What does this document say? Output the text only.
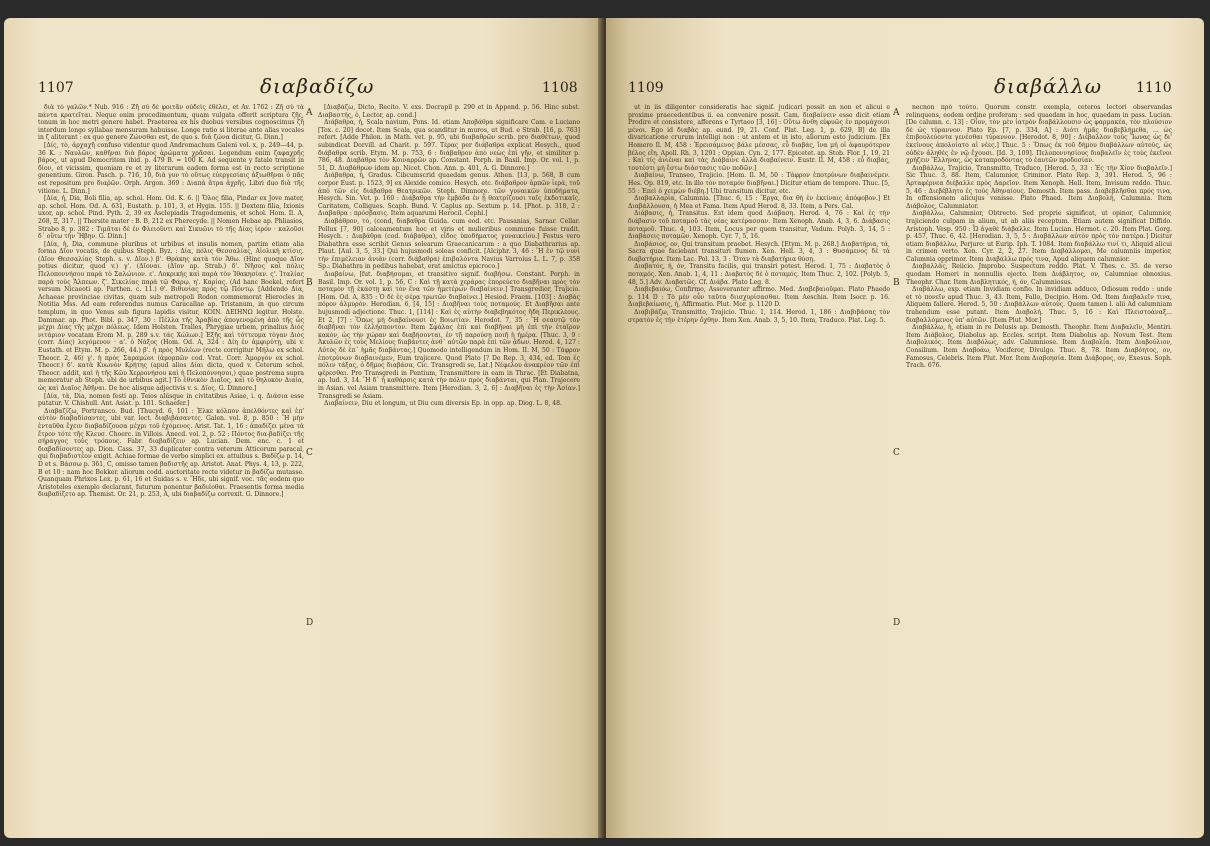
1107	διαβαδίζω	1108

διὰ τὸ γαλῶν.* Nub. 916 : Ζῆ σὺ δὲ φοιτᾶν οὐδεὶς ἐθέλει, et Av. 1762 : Ζῆ σὺ τὰ πάντα κρατεῖται. Neque enim procedimentum, quam vulgata offerit scriptura ζῆς, tonum in hoc metri genere habet. Praeterea ex his duobus versibus cognoscimus ζῆ interdum longo syllabae mensuram habuisse. Longe ratio si literae ante alias vocales in ζ aliterant : ex quo genere Ζώνσθαι est, de quo s. διὰ ζώνα dicitur, G. Dinn.]

[Δίς, τὸ, ἀρχαχῆ confuso videntur quod Andromachum Galeni vol. x, p. 249—44, p. 36 K. : Ναυλῶν, καθῆναι διὰ βάρος ἀρώματα χρᾶσαι. Legendum enim ζαφαχρῆς βάρος, ut apud Democritem ibid. p. 479 B. = 100 K. Ad sequente y fatale transit in δίον, et vicissim, quoniam re et zy literarum eadem forma est in recto scriptione genentium. Giron. Pasch. p. 716, 10, διὰ γυν τὸ οὕτως εὐεργεσίαις ἀξιωθῆναι ὁ πᾶς est repositum pro διαρ̀ῶν. Orph. Argon. 369 : Διαπὰ ἄτρα ἀχρῆς. Libri duo διὰ τῆς vitione. L. Dinn.]

[Δία, ἡ, Dia, Boli filia, ap. schol. Hom. Od. K. 6. || Ὄλος filia, Pindar ex Jove mater, ap. schol. Hom. Od. A. 631, Eustath. p. 101, 3, et Hygin. 155. || Dextem filia, Ixionis uxor, ap. schol. Pind. Pyth. 2, 39 ex Asclepiadis Tragodumenis, et schol. Hom. Il. A, 268, Ξ, 317. || Thersite mater : B. B, 212 ex Pherecyde. || Nomen Hebae ap. Phliasios, Strabo 8, p. 382 : Τιμᾶται δὲ ἐν Φλειοῦντι καὶ Σικυῶνι τὸ τῆς Δίας ἱερόν · καλοῦσι δ᾽ οὕτω τὴν Ἥβην. G. Dinn.]

[Δία, ἡ, Dia, commune pluribus et urbibus et insulis nomen, partim etiam alia forma Δῖον vocatis, de quibus Steph. Byz. : Δία, πόλις Θεσσαλίας, Αἰολικὴ κτίσις. (Δῖον Θεσσαλίας Steph. s. v. Δῖον.) β'. Θράκης κατὰ τὸν Ἄθω. (Hinc quoque Δῖον potius dicitur, quod v.) γ'. (Δῖοναι. (Δῖον ap. Strab.) δ'. Νῆσος καὶ πόλις Πελοποννήσου παρὰ τὸ Σαλώνιον. ε'. Λοκρικὴς καὶ παρὰ τὸν Ἰθακησίαν. ς'. Ἰταλίας παρὰ τοὺς Ἄλπεων. ζ'. Σικελίας παρὰ τῷ Φάρῳ. η'. Καρίας. (Ad hanc Boekel. refert versum Nicaeoti ap. Parthen. c. 11.) θ'. Βιθυνίας πρὸς τῷ Πόντῳ. [Addendo Δία, Achaeae provinciae civitas, quam sub metropoli Rodon commemorat Hierocles in Notitia Mss. Ad eam referendus numus Caracallae ap. Tristanum, in quo circum templum, in quo Venus sub figura lapidis visitur, KOIN. ΔΕΙΗΝΩ legitur. Holste. Dammar. ap. Phot. Bibl. p. 347, 30 : Πέλλα τῆς Ἀραβίας ἀπογενομένη ἀπὸ τῆς ὧς μέχρι Δίας τῆς μέχρι πόλεως. Idem Holsten. Tralles, Phrygiae urbem, prinalius Διός νιτάριον vocatam Erom M. p. 289 s.v. τάς Χώλων.] Ἐξῆς καὶ τόττευμα τὸγαν Διὸς (corr. Δίας) λεγόμενον · α'. ὁ Νάξος (Hom. Od. A, 324 : Δίη ἐν ἀμφιρύτῃ, ubi v. Eustath. et Etym. M. p. 266, 44.) β'. ἡ πρὸς Μυλέων (recte corrigitur Μήλω ex schol. Theocr. 2, 46) γ'. ἡ πρὸς Σαραμώνι (ἀμορπῶν cod. Vrat. Corr. Ἀμοργὸν ex schol. Theocr.) δ'. κατὰ Κυωνὸν Κρήτης (apud alios Δίαι dicta, quod v. Ceterum schol. Theocr. addit, καὶ ἡ τῆς Κῶυ Χερρονήσου καὶ ἡ Πελοπόννησοι,) quae postrema supra memoratur ab Steph. ubi de urbibus agit.] Τὸ ἐθνικὸν Διαῖος, καὶ τὸ θηλυκὸν Διαία, ὡς καὶ Διαῖος Ἀθῆναι. De hoc alisque adjectivis v. s. Δῖος. G. Dinnore.]

[Δία, τὰ, Dia, nomen festi ap. Teios aliisque in civitatibus Asiae, i. q. Διάσια esse putatur. V. Chishull. Ant. Asiat. p. 101. Schaefer.]

Διαβαζίζω, Portransco. Bud. [Thucyd. 6, 101 : Ἐλκε κόλπον ἀπελθόντες καὶ ἐπ' αὐτὸν διαβαδίσαντες, ubi var. lect. διαβιβάσαντες. Galen. vol. 8, p. 850 : Ἢ μὴν ἐνταῦθα ἔχειν διαβαδίζουσα μέχρι τοῦ ἐχόμενος. Arist. Tat. 1, 16 : ἀπαδίζει μένα τὰ ἔτρον τότε τῆς Κλευσ. Choerc. in Villois. Anecd. vol. 2, p. 52 : Πόντος δια-βαδίζει τῆς σήραγγος τοὺς τρόπους. Fabr. διαβαδίζειν ap. Lucian. Dem. enc. c. 1 et διαβαδίσοντες ap. Dion. Cass. 37, 33 duplicater contra veterum Atticorum paracal, qui διαβαδιστέον exigit. Achiae formae de verbo simplici ex. attuibus s. Βαδίζω p. 14, D et s. Βάσσω p. 361, C, omisso tamen βαδιστῆς ap. Aristot. Anat. Phys. 4, 13, p. 222, B et 10 : nam hoc Bekker. aliorum codd. auctoritate recte videtur in βαδίζω mutasse. Quanquam Phrixos Lex. p. 61, 16 et Suidas s. v. Ἥδε, ubi signif. voc. τᾶς eodem quo Aristoteles exemplo declarant, futurum ponentur βαδιέοθαι. Praesentis forma media διαβαδίζετο ap. Themist. Or. 21, p. 253, A, ubi διαβαδίζω correxit. G. Dinnore.]

[Διαβάζω, Dicto, Recito. V. exs. Docrapil p. 290 et in Append. p. 56. Hinc subst. Διαβαστής, ὁ, Lector, ap. cond.]

Διάβαθρα, ἡ, Scala navium, Pons. Id. etiam Ἀποβάθρα significare Cam. e Luciano [Tox. c. 20] docet. Item Scala, qua scanditur in muros, ut Bud. e Strab. [16, p. 763] refert. [Adde Philon. in Math. vet. p. 95, ubi διαβαθρῶν scrib. pro διαθέτων, quod subindicat Dorvill. ad Charit. p. 597. Τέρας per διάβαθρα explicat Hesych., quod διάβαθρα scrib. Etym. M. p. 753, 6 : διάβαθρον ἀπὸ νεὼς ἐπὶ γῆν, et similiter p. 786, 48. Διαβάθρα τὸν Κοιναρρῶν ap. Constant. Porph. in Basil. Imp. Or. vol. 1, p. 51, D. Διαβάθρων idem ap. Nicet. Chon. Ann. p. 401, A. G. Dinnore.]

Διάβαθρα, ἡ, Gradus. Cibcumscrid quaedam genus. Athen. [13, p. 568, B cum corpor Eust. p. 1523, 9] ex Alexide comico. Hesych. etc. διάβαθρον ἀρπῶν ἱερὰ, τοῦ ἀπὸ τῶν εἰς διάβαθρα Θεατρικῶν. Steph. Dimnore. τῶν γυναικῶν ὑποδήματα, Hesych. Sin. Vet. p. 160 : Διάβαθρα τὴν ἐμβάδα ἐν ᾗ θεατρίζουσι ταῖς ἐκδοτικαῖς. Caritatem, Colligues. Scaph. Bund. V. Caplus ap. Sextum p. 14. [Phot. p. 318, 2 : Διαβαθρα : πρόσβασις. Item aquarumi Herocil. Cephl.]

Διαβάθρον, τὸ, (cond, διαβαθρα Guida. cum eod. etc. Pausanias, Sarnar. Cellar. Pollux [7, 90] calceamentum hoc et viris et mulieribus commune fuisse tradit. Hesych. : Διαβάθρα (cod. διάβαθρα), εἶδος ὑποδήματος γυναικείου.] Festus vero Diabathra esse scribit Genus solearum Graecanicarum : a quo Diabathrarius ap. Plaut. [Aul. 3, 5, 33.] Qui hujusmodi soleas conficit. [Alciphr. 3, 46 : Ἢ ἐν τῷ νυνὶ τὴν ἐπιμέλειαν ἀνιὰν (corr. διάβαθρα) ἐπιβαλόντα Navius Varroius L. L. 7, p. 358 Sp.: Diabathra in pedibus habebat, erat amictus epicroco.]

Διαβαίνω, [fut. διαβήσομαι, et transitivo signif. διαβήσω. Constant. Porph. in Basil. Imp. Or. vol. 1, p. 56, C : Καὶ τῇ κατὰ χεράρας ἐπορεύετο διαβῆναι πρὸς τὸν ποταμὸν τῇ ἑκάστῃ καὶ τὸν ἕνα τῶν ἡμετέρων διαβαίνειν.] Transgredior, Trajicio. [Hom. Od. A, 835 : Ὁ δὲ ἐς σέρᾳ τρωτῶν διαβαίνει.] Hesiod. Fraem. [103] : Διαβὰς πόρον ἁλμυρὸν. Herodian. 6, [4, 15] : Διαβῆναι τοὺς ποταμούς. Et Διαβῆσαι ante hujusmodi adjectione. Thuc. 1, [114] : Καὶ ἐς αὐτὴν διαβεβηκότος ἤδη Περικλέους. Et 2, [7] : Ὅπως μὴ διαβαίνουσι ἐς Βοιωτίαν. Herodot. 7, 35 : Ἢ σεαυτῷ τὸν διαβῆναι τὸν ἐλλήσποντον. Item Σφάλας ἐπὶ καὶ διαβῆναι μὴ ἐπὶ τὴν ἑταῖρον κακὸν, ὡς τὴν χώραν καὶ διαβήσονται, ἐν τῇ παρούσῃ ποιῆ ἡ ἡμέρα. [Thuc. 3, 9 : Ἀκυλῶν ἐς τοὺς Μελίους διαβάντες ἀνθ᾽ αὐτῶν παρὰ ἐπὶ τῶν ᾄδων. Herod. 4, 127 : Αὐτὸς δὲ ἐπ᾽ ἡμᾶς διαβάντας.] Quomodo intelligendum in Hom. II. M, 50 : Τάφρον ἐποτρύνων διαβαινέμεν, Eum trajicere. Quod Plato [? De Rep. 3, 434, ed. Tom ἐς πόλιν τάξας, ὁ δῆμος διαβάσα, Cic. Transgredi se, Lat.] Νέφελου ἀνακρέον τῶν ἐπὶ φέρεσθαι. Pro Transgredi in Pentium, Transmittere in eam in Thrac. [Et Diabatna, ap. lud. 3, 14. Ἢ δ᾽ ἡ καθάρσις κατὰ τὴν πόλιν πρὸς διαβάνται, qui Plan. Trajecere in Asian. vel Asiam transmittere. Item [Herodian. 3, 2, 6] : Διαβῆναι ἐς τὴν Ἀσίαν.] Transgredi se Asiam.

Διαβαίνειν, Diu et longum, ut Diu cum diversis Ep. in opp. ap. Diog. L. 8, 48.

A
B
C
D
1109	διαβάλλω 1110

ut in iis diligenter consideratis hac signif. judicari possit an non et alicui e proxime praecedentibus ii. ea convenire possit. Cam. διαβαίνειν esse dicit etiam Prodire et consistere, afferens e Tyrtaeo [3, 16] : Οὕτω ἄνθη εὐφυῶς ἐν προμάχοισι μένοι. Ego id διαβὰς ap. eund. [9, 21. Conf. Plat. Leg. 1, p. 629, B] de illa divaricatione crurum intelligi non : ut antem et in isto, aliorum esto judicium. [Ex Homero Il. M, 458 : Ἐρεισάμενος βάλε μέσσας, εὖ διαβάς, ἵνα μή οἱ ἀφαυρότερον βέλος εἴη. Apoll. Rh. 3, 1291 ; Oppian. Cyn. 2, 177. Epicetet. ap. Stob. Flor. 1, 19, 21 : Καὶ τίς ἀνιέναι καὶ τὰς Διάβαινε ἀλλὰ διαβαίνειν. Eustr. Il. M, 458 : εὖ διαβάς, τουτέστι μὴ ἔστω διάστασις τῶν ποδῶν.]

Διαβαίνω, Transeo, Trajicio. [Hom. Il. M, 50 : Τάφρον ἐποτρύνων διαβαινέμεν. Hes. Op. 819, etc. In illo τὸν ποταμόν διαβῆναι.] Dicitur etiam de tempore. Thuc. [5, 55 : Ἐπεὶ ὁ χειμὼν διέβη.] Ubi transitum dicitur, etc.

Διαβαλλαρία, Calumnia. [Thuc. 6, 15 : Ἔργα, δια θὴ ἐν ἐκείναις ἀπόφοβον.] Et Διαβάλλουσα, ἡ Mea et Fama. Item Apud Herod. 8, 33. Item, a Pers. Cal.

Διάβασις, ἡ, Transitus. Est idem quod Διάβαση. Herod. 4, 76 : Καὶ ἐς τὴν διάβασιν τοῦ ποταμοῦ τὰς νέας κατέρασσαν. Item Xenoph. Anab. 4, 3, 6. Διάβασις ποταμοῦ. Thuc. 4, 103. Item, Locus per quem transitur, Vadum. Polyb. 3, 14, 5 : Διαβάσεις ποταμῶν. Xenoph. Cyr. 7, 5, 16.

Διαβάσιος, ον, Qui transitum praebet. Hesych. [Etym. M. p. 268.] Διαβατήρια, τά, Sacra quae faciebant transituri flumen. Xen. Hell. 3, 4, 3 : Θυσάμενος δὲ τὰ διαβατήρια. Item Lac. Pol. 13, 3 : Ὅταν τὰ διαβατήρια θύσῃ.

Διαβατός, ή, όν, Transitu facilis, qui transiri potest. Herod. 1, 75 : Διαβατὸς ὁ ποταμός. Xen. Anab. 1, 4, 11 : Διαβατὸς δὲ ὁ ποταμός. Item Thuc. 2, 102. [Polyb. 5, 48, 5.] Adv. Διαβατῶς. Cf. Διάβα. Plato Leg. 8.

Διαβεβαιόω, Confirmo, Asseveranter affirmo. Med. Διαβεβαιοῦμαι. Plato Phaedo p. 114 D : Τὸ μὲν οὖν ταῦτα διισχυρίσασθαι. Item Aeschin. Item Isocr. p. 16. Διαβεβαίωσις, ἡ, Affirmatio. Plut. Mor. p. 1120 D.

Διαβιβάζω, Transmitto, Trajicio. Thuc. 1, 114. Herod. 1, 186 : Διαβιβάσας τὸν στρατὸν ἐς τὴν ἑτέρην ὄχθην. Item Xen. Anab. 3, 5, 10. Item, Traduco. Plat. Leg. 5.

necnon πρὸ τούτο. Quorum constr. exempla, ceteros lectori observandas relinquens, eodem ordine proferam : sed quaedam in hoc, quaedam in pass. Lucian. [De calumn. c. 13] : Οἷον, τὸν μὲν ἰατρὸν διαβάλλουσιν ὡς φαρμακέα, τὸν πλούσιον δὲ ὡς τύραννον. Plato Ep. [7, p. 334, A] : Διότι ἡμᾶς διαβεβλήμεθα, ... ὡς ἐπιβουλεύοντα γενέσθαι τύραννον. [Herodot. 8, 90] : Διέβαλλον τοὺς Ἴωνας ὡς δι' ἐκείνους ἀπολοίατο αἱ νέες.] Thuc. 5 : Ὅπως ἐκ τοῦ δήμου διαβάλλων αὐτοὺς, ὡς οὐδὲν ἀληθὲς ἐν νῷ ἔχουσι. [Id. 3, 109]. Πελοποννησίους διαβαλεῖν ἐς τοὺς ἐκεῖνοι χρήζειν Ἕλληνας, ὡς καταπροδόντας τὸ ἑαυτῶν προδοσίαν.

Διαβάλλω, Trajicio, Transmitto, Traduco, [Herod. 5, 33 : Ἐς τὴν Χίον διαβαλεῖν.] Sic Thuc. 3, 88. Item, Calumnior, Criminor. Plato Rep. 3, 391. Herod. 5, 96 : Ἀρταφέρνεα διέβαλλε πρὸς Δαρεῖον. Item Xenoph. Hell. Item, Invisum reddo. Thuc. 5, 46 : Διεβέβλητο ἐς τοὺς Ἀθηναίους. Demosth. Item pass. Διαβεβλῆσθαι πρός τινα, In offensionem alicujus venisse. Plato Phaed. Item Διαβολή, Calumnia. Item Διάβολος, Calumniator.

Διαβάλλω, Calumnior, Obtrecto. Sed proprie significat, ut opinor, Calumnior, trajiciendo culpam in alium, ut ab aliis receptum. Etiam autem significat Diffido. Aristoph. Vesp. 950 : Ὦ ἀγαθὲ διάβαλλε. Item Lucian. Hermot. c. 20. Item Plat. Gorg. p. 457, Thuc. 6, 42. [Herodian. 3, 5, 5 : Διαβάλλων αὐτὸν πρὸς τὸν πατέρα.] Dicitur etiam διαβάλλω, Perjuro: ut Eurip. Iph. T. 1084. Item διαβάλλω τινί τι, Aliquid alicui in crimen verto. Xen. Cyr. 2, 2, 27. Item Διαβάλλομαι, Me calumniis impetior, Calumnia opprimor. Item Διαβάλλω πρός τινα, Apud aliquem calumnior.

Διαβαλλὰς, Reiicio. Jmprobo. Suspectum reddo. Plat. V. Thes. c. 35. de verso quodam Homeri in nonnullis ejecto. Item Διάβλητος, ον, Calumniae obnoxius. Theophr. Char. Item Διαβλητικός, ή, όν, Calumniosus.

Διαβάλλω, exp. etiam Invidiam confio. In invidiam adduco, Odiosum reddo : unde et τὸ πονεῖν apud Thuc. 3, 43. Item, Fallo, Decipio. Hom. Od. Item Διαβαλεῖν τινα, Aliquem fallere. Herod. 5, 50 : Διαβάλλων αὐτοὺς. Quem tamen l. alii Ad calumniam trahendum esse putant. Item Διαβολή. Thuc. 5, 16 : Καὶ Πλειστοάναξ... διαβαλλόμενος ὑπ' αὐτῶν. [Item Plut. Mor.]

Διαβάλλω, ἡ, etiam in re Delusis ap. Demosth. Theophr. Item Διαβαλεῖν, Mentiri. Item Διάβολος, Diabolus ap. Eccles. script. Item Diabolus ap. Novum Test. Item Διαβολικός. Item Διαβόλως, adv. Calumniose. Item Διαβολία. Item Διαβούλιον, Consilium. Item Διαβοάω, Vociferor, Divulgo. Thuc. 8, 78. Item Διαβόητος, ον, Famosus, Celebris. Item Plut. Mor. Item Διαβοησία. Item Διάβορος, ον, Exesus. Soph. Trach. 676.

A
B
C
D
